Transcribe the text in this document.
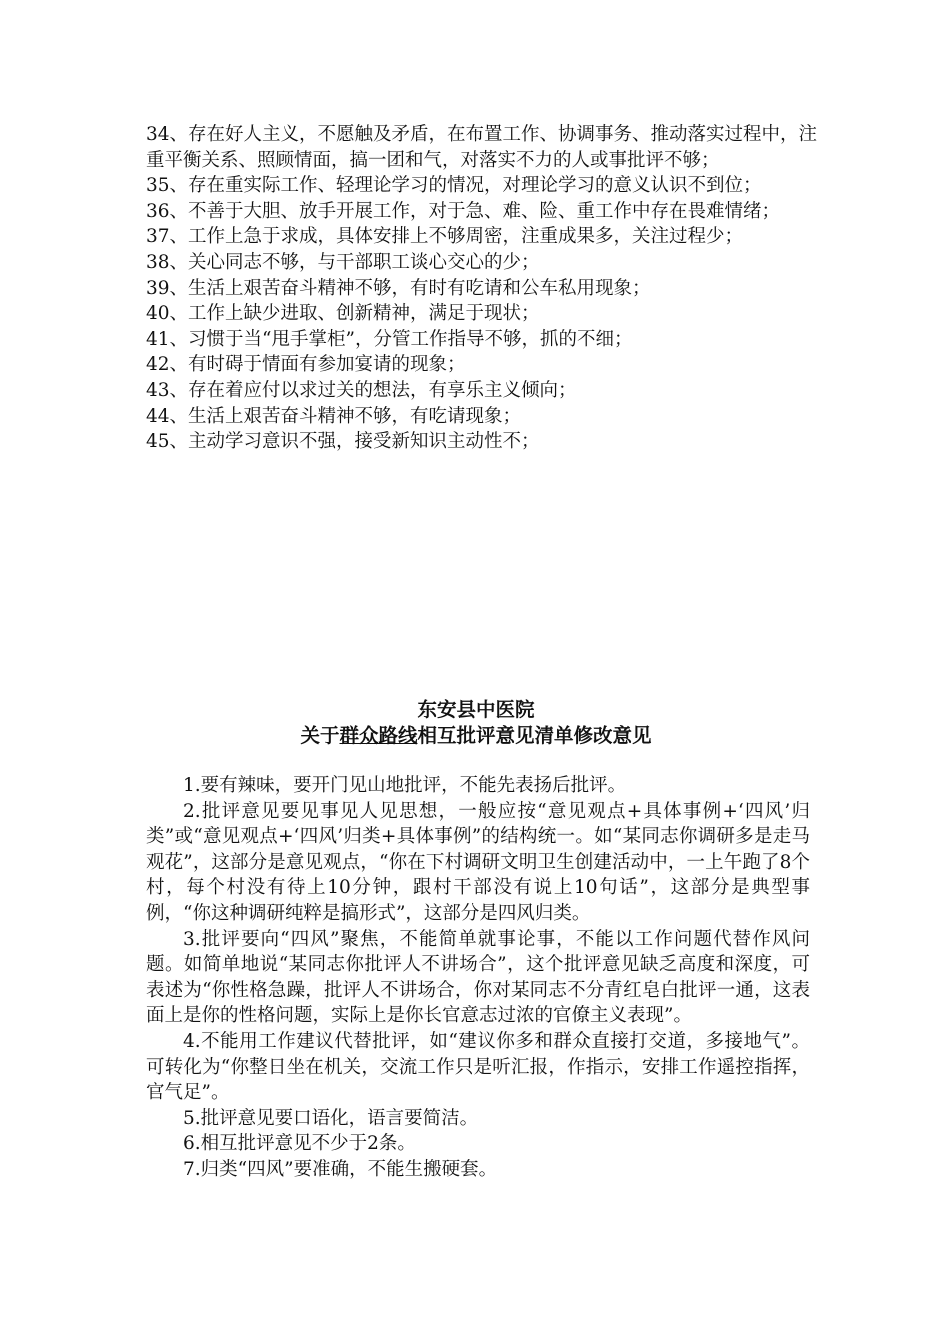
34、存在好人主义，不愿触及矛盾，在布置工作、协调事务、推动落实过程中，注重平衡关系、照顾情面，搞一团和气，对落实不力的人或事批评不够；

35、存在重实际工作、轻理论学习的情况，对理论学习的意义认识不到位；

36、不善于大胆、放手开展工作，对于急、难、险、重工作中存在畏难情绪；

37、工作上急于求成，具体安排上不够周密，注重成果多，关注过程少；

38、关心同志不够，与干部职工谈心交心的少；

39、生活上艰苦奋斗精神不够，有时有吃请和公车私用现象；

40、工作上缺少进取、创新精神，满足于现状；

41、习惯于当“甩手掌柜”，分管工作指导不够，抓的不细；

42、有时碍于情面有参加宴请的现象；

43、存在着应付以求过关的想法，有享乐主义倾向；

44、生活上艰苦奋斗精神不够，有吃请现象；

45、主动学习意识不强，接受新知识主动性不；

东安县中医院
关于群众路线相互批评意见清单修改意见

1.要有辣味，要开门见山地批评，不能先表扬后批评。

2.批评意见要见事见人见思想，一般应按“意见观点+具体事例+‘四风’归类”或“意见观点+‘四风’归类+具体事例”的结构统一。如“某同志你调研多是走马观花”，这部分是意见观点，“你在下村调研文明卫生创建活动中，一上午跑了8个村，每个村没有待上10分钟，跟村干部没有说上10句话”，这部分是典型事例，“你这种调研纯粹是搞形式”，这部分是四风归类。

3.批评要向“四风”聚焦，不能简单就事论事，不能以工作问题代替作风问题。如简单地说“某同志你批评人不讲场合”，这个批评意见缺乏高度和深度，可表述为“你性格急躁，批评人不讲场合，你对某同志不分青红皂白批评一通，这表面上是你的性格问题，实际上是你长官意志过浓的官僚主义表现”。

4.不能用工作建议代替批评，如“建议你多和群众直接打交道，多接地气”。可转化为“你整日坐在机关，交流工作只是听汇报，作指示，安排工作遥控指挥，官气足”。

5.批评意见要口语化，语言要简洁。

6.相互批评意见不少于2条。

7.归类“四风”要准确，不能生搬硬套。
